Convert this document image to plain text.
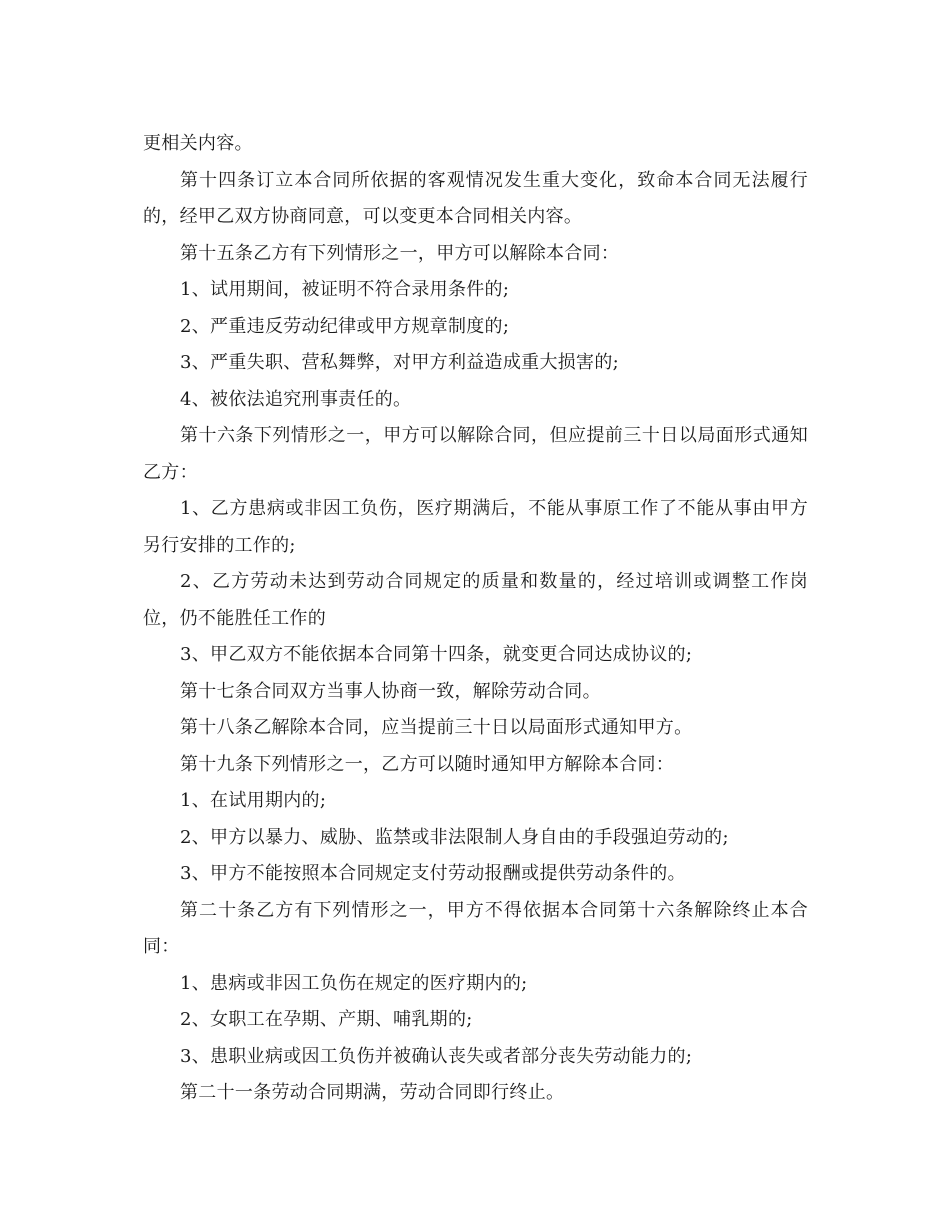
更相关内容。

第十四条订立本合同所依据的客观情况发生重大变化，致命本合同无法履行的，经甲乙双方协商同意，可以变更本合同相关内容。

第十五条乙方有下列情形之一，甲方可以解除本合同：

1、试用期间，被证明不符合录用条件的;

2、严重违反劳动纪律或甲方规章制度的;

3、严重失职、营私舞弊，对甲方利益造成重大损害的;

4、被依法追究刑事责任的。

第十六条下列情形之一，甲方可以解除合同，但应提前三十日以局面形式通知乙方：

1、乙方患病或非因工负伤，医疗期满后，不能从事原工作了不能从事由甲方另行安排的工作的;

2、乙方劳动未达到劳动合同规定的质量和数量的，经过培训或调整工作岗位，仍不能胜任工作的

3、甲乙双方不能依据本合同第十四条，就变更合同达成协议的;

第十七条合同双方当事人协商一致，解除劳动合同。

第十八条乙解除本合同，应当提前三十日以局面形式通知甲方。

第十九条下列情形之一，乙方可以随时通知甲方解除本合同：

1、在试用期内的;

2、甲方以暴力、威胁、监禁或非法限制人身自由的手段强迫劳动的;

3、甲方不能按照本合同规定支付劳动报酬或提供劳动条件的。

第二十条乙方有下列情形之一，甲方不得依据本合同第十六条解除终止本合同：

1、患病或非因工负伤在规定的医疗期内的;

2、女职工在孕期、产期、哺乳期的;

3、患职业病或因工负伤并被确认丧失或者部分丧失劳动能力的;

第二十一条劳动合同期满，劳动合同即行终止。
